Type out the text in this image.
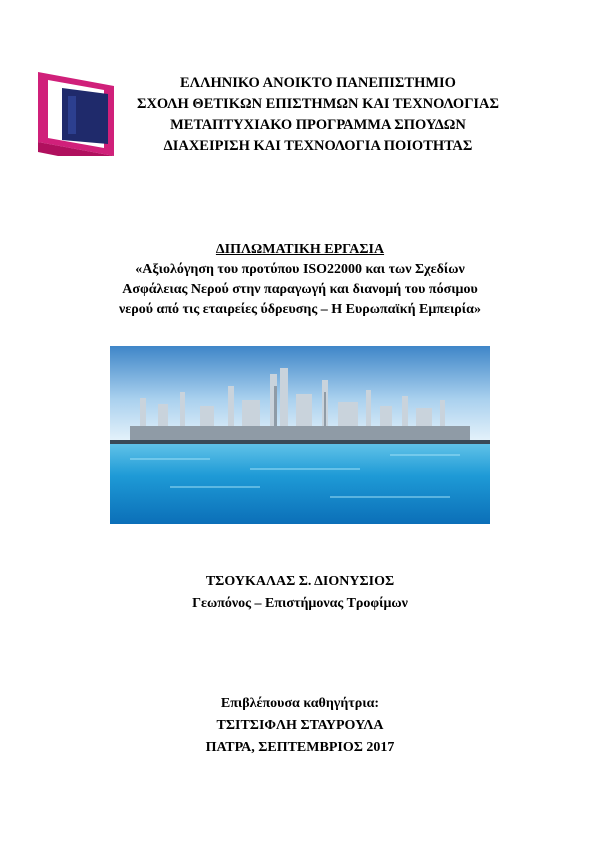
ΕΛΛΗΝΙΚΟ ΑΝΟΙΚΤΟ ΠΑΝΕΠΙΣΤΗΜΙΟ
ΣΧΟΛΗ ΘΕΤΙΚΩΝ ΕΠΙΣΤΗΜΩΝ ΚΑΙ ΤΕΧΝΟΛΟΓΙΑΣ
ΜΕΤΑΠΤΥΧΙΑΚΟ ΠΡΟΓΡΑΜΜΑ ΣΠΟΥΔΩΝ
ΔΙΑΧΕΙΡΙΣΗ ΚΑΙ ΤΕΧΝΟΛΟΓΙΑ ΠΟΙΟΤΗΤΑΣ
ΔΙΠΛΩΜΑΤΙΚΗ ΕΡΓΑΣΙΑ
«Αξιολόγηση του προτύπου ISO22000 και των Σχεδίων
Ασφάλειας Νερού στην παραγωγή και διανομή του πόσιμου
νερού από τις εταιρείες ύδρευσης – Η Ευρωπαϊκή Εμπειρία»
ΤΣΟΥΚΑΛΑΣ Σ. ΔΙΟΝΥΣΙΟΣ
Γεωπόνος – Επιστήμονας Τροφίμων
Επιβλέπουσα καθηγήτρια:
ΤΣΙΤΣΙΦΛΗ ΣΤΑΥΡΟΥΛΑ
ΠΑΤΡΑ, ΣΕΠΤΕΜΒΡΙΟΣ 2017
